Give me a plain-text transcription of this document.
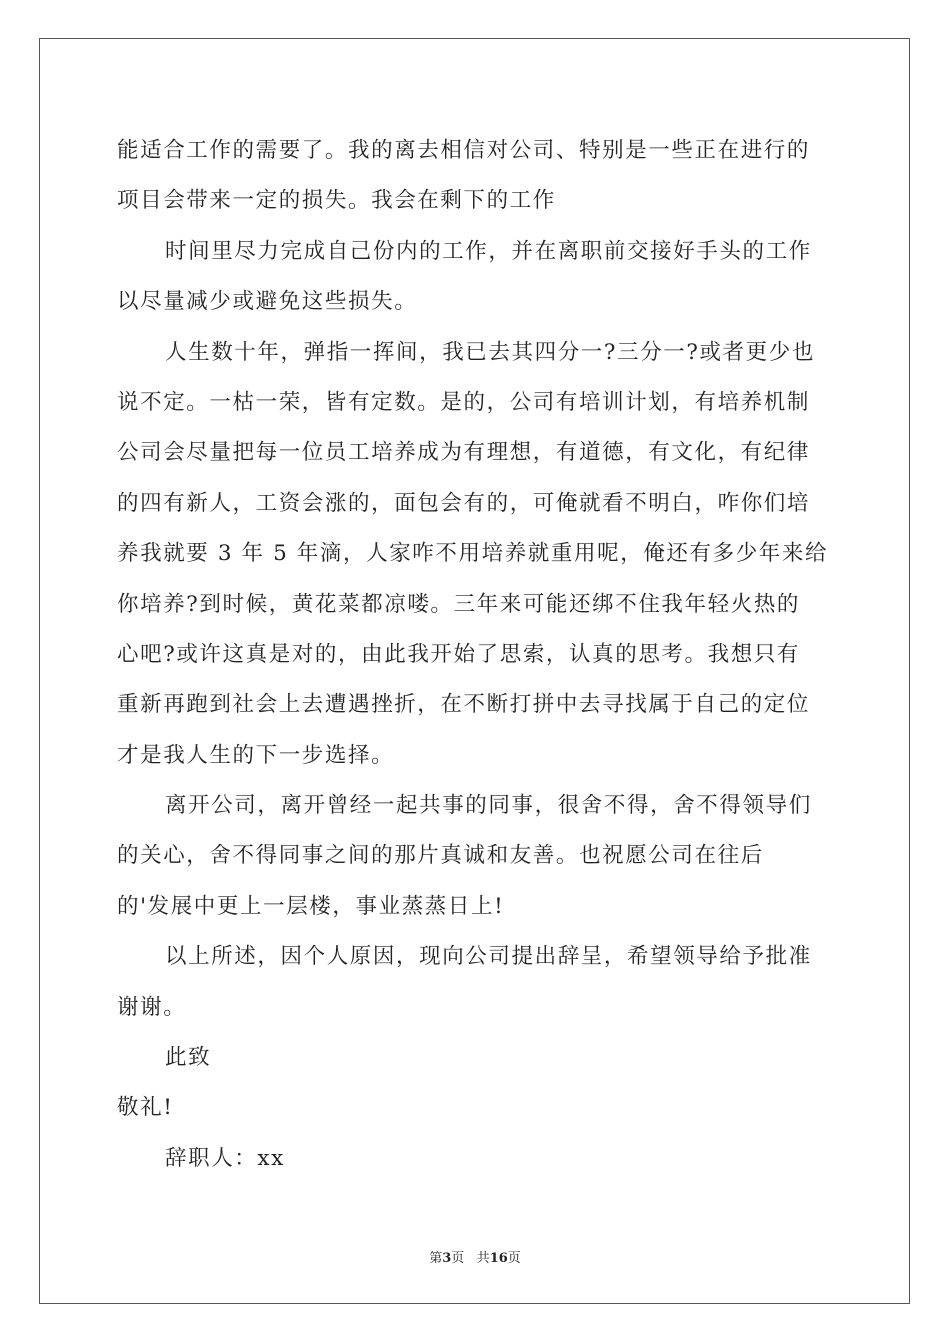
能适合工作的需要了。我的离去相信对公司、特别是一些正在进行的
项目会带来一定的损失。我会在剩下的工作
时间里尽力完成自己份内的工作，并在离职前交接好手头的工作
以尽量减少或避免这些损失。
人生数十年，弹指一挥间，我已去其四分一?三分一?或者更少也
说不定。一枯一荣，皆有定数。是的，公司有培训计划，有培养机制
公司会尽量把每一位员工培养成为有理想，有道德，有文化，有纪律
的四有新人，工资会涨的，面包会有的，可俺就看不明白，咋你们培
养我就要 3 年 5 年滴，人家咋不用培养就重用呢，俺还有多少年来给
你培养?到时候，黄花菜都凉喽。三年来可能还绑不住我年轻火热的
心吧?或许这真是对的，由此我开始了思索，认真的思考。我想只有
重新再跑到社会上去遭遇挫折，在不断打拼中去寻找属于自己的定位
才是我人生的下一步选择。
离开公司，离开曾经一起共事的同事，很舍不得，舍不得领导们
的关心，舍不得同事之间的那片真诚和友善。也祝愿公司在往后
的'发展中更上一层楼，事业蒸蒸日上!
以上所述，因个人原因，现向公司提出辞呈，希望领导给予批准
谢谢。
此致
敬礼!
辞职人：xx
第3页 共16页
